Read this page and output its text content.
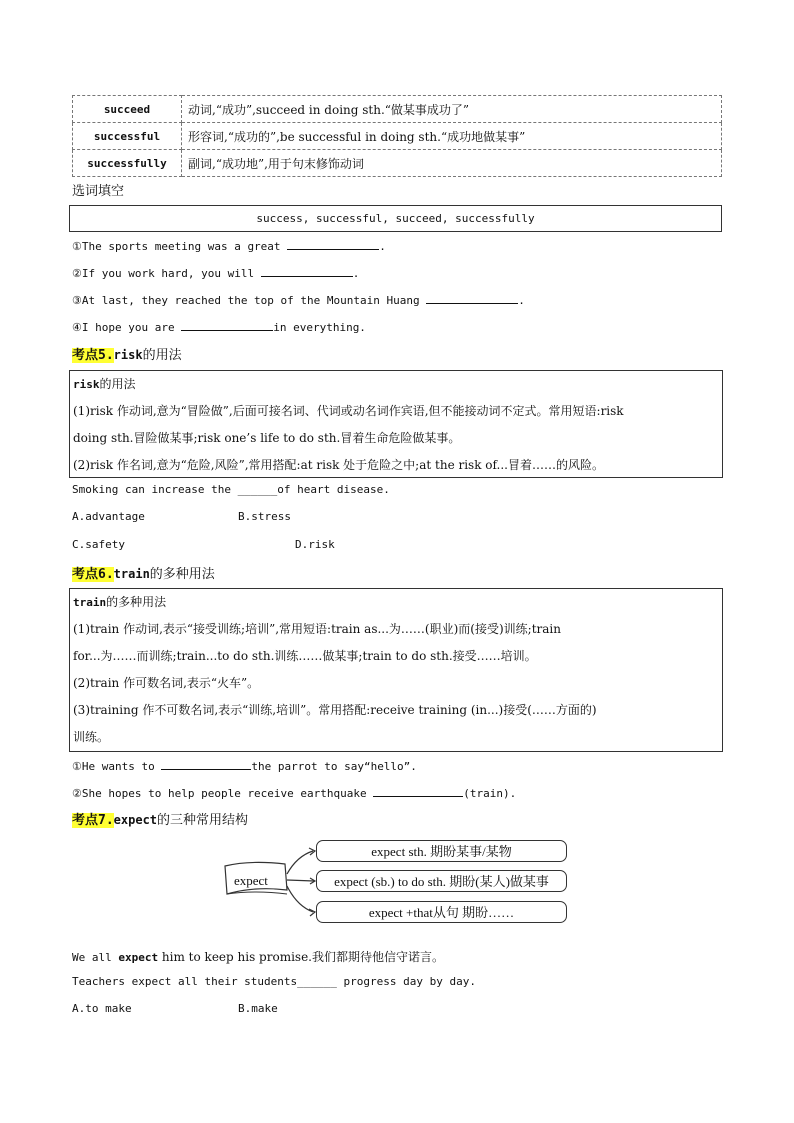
succeed	动词,“成功”,succeed in doing sth.“做某事成功了”
successful	形容词,“成功的”,be successful in doing sth.“成功地做某事”
successfully	副词,“成功地”,用于句末修饰动词
选词填空
success, successful, succeed, successfully
①The sports meeting was a great	.
②If you work hard, you will	.
③At last, they reached the top of the Mountain Huang	.
④I hope you are	in everything.
考点5.risk的用法
risk的用法
(1)risk 作动词,意为“冒险做”,后面可接名词、代词或动名词作宾语,但不能接动词不定式。常用短语:risk
doing sth.冒险做某事;risk one’s life to do sth.冒着生命危险做某事。
(2)risk 作名词,意为“危险,风险”,常用搭配:at risk 处于危险之中;at the risk of...冒着……的风险。
Smoking can increase the ______of heart disease.
A.advantage	B.stress
C.safety	D.risk
考点6.train的多种用法
train的多种用法
(1)train 作动词,表示“接受训练;培训”,常用短语:train as...为……(职业)而(接受)训练;train
for...为……而训练;train...to do sth.训练……做某事;train to do sth.接受……培训。
(2)train 作可数名词,表示“火车”。
(3)training 作不可数名词,表示“训练,培训”。常用搭配:receive training (in...)接受(……方面的)
训练。
①He wants to	the parrot to say“hello”.
②She hopes to help people receive earthquake	(train).
考点7.expect的三种常用结构
expect
expect sth. 期盼某事/某物
expect (sb.) to do sth. 期盼(某人)做某事
expect +that从句 期盼……
We all expect him to keep his promise.我们都期待他信守诺言。
Teachers expect all their students______ progress day by day.
A.to make	B.make
